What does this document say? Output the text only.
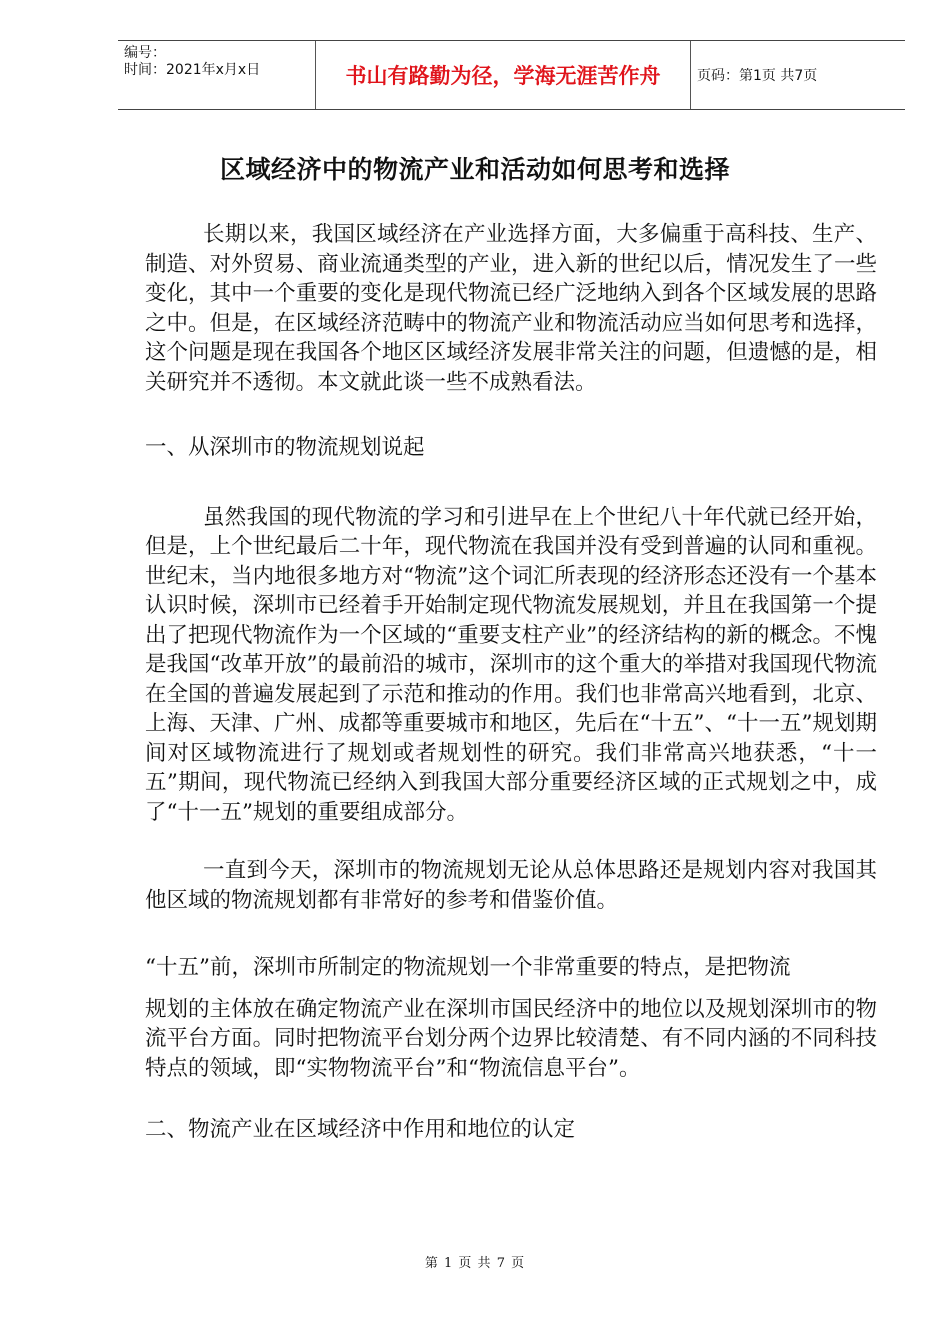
编号：
时间：2021年x月x日	书山有路勤为径，学海无涯苦作舟	页码：第1页 共7页
区域经济中的物流产业和活动如何思考和选择

长期以来，我国区域经济在产业选择方面，大多偏重于高科技、生产、制造、对外贸易、商业流通类型的产业，进入新的世纪以后，情况发生了一些变化，其中一个重要的变化是现代物流已经广泛地纳入到各个区域发展的思路之中。但是，在区域经济范畴中的物流产业和物流活动应当如何思考和选择，这个问题是现在我国各个地区区域经济发展非常关注的问题，但遗憾的是，相关研究并不透彻。本文就此谈一些不成熟看法。

一、从深圳市的物流规划说起

虽然我国的现代物流的学习和引进早在上个世纪八十年代就已经开始，但是，上个世纪最后二十年，现代物流在我国并没有受到普遍的认同和重视。世纪末，当内地很多地方对“物流”这个词汇所表现的经济形态还没有一个基本认识时候，深圳市已经着手开始制定现代物流发展规划，并且在我国第一个提出了把现代物流作为一个区域的“重要支柱产业”的经济结构的新的概念。不愧是我国“改革开放”的最前沿的城市，深圳市的这个重大的举措对我国现代物流在全国的普遍发展起到了示范和推动的作用。我们也非常高兴地看到，北京、上海、天津、广州、成都等重要城市和地区，先后在“十五”、“十一五”规划期间对区域物流进行了规划或者规划性的研究。我们非常高兴地获悉，“十一五”期间，现代物流已经纳入到我国大部分重要经济区域的正式规划之中，成了“十一五”规划的重要组成部分。

一直到今天，深圳市的物流规划无论从总体思路还是规划内容对我国其他区域的物流规划都有非常好的参考和借鉴价值。

“十五”前，深圳市所制定的物流规划一个非常重要的特点，是把物流

规划的主体放在确定物流产业在深圳市国民经济中的地位以及规划深圳市的物流平台方面。同时把物流平台划分两个边界比较清楚、有不同内涵的不同科技特点的领域，即“实物物流平台”和“物流信息平台”。

二、物流产业在区域经济中作用和地位的认定

第 1 页 共 7 页
